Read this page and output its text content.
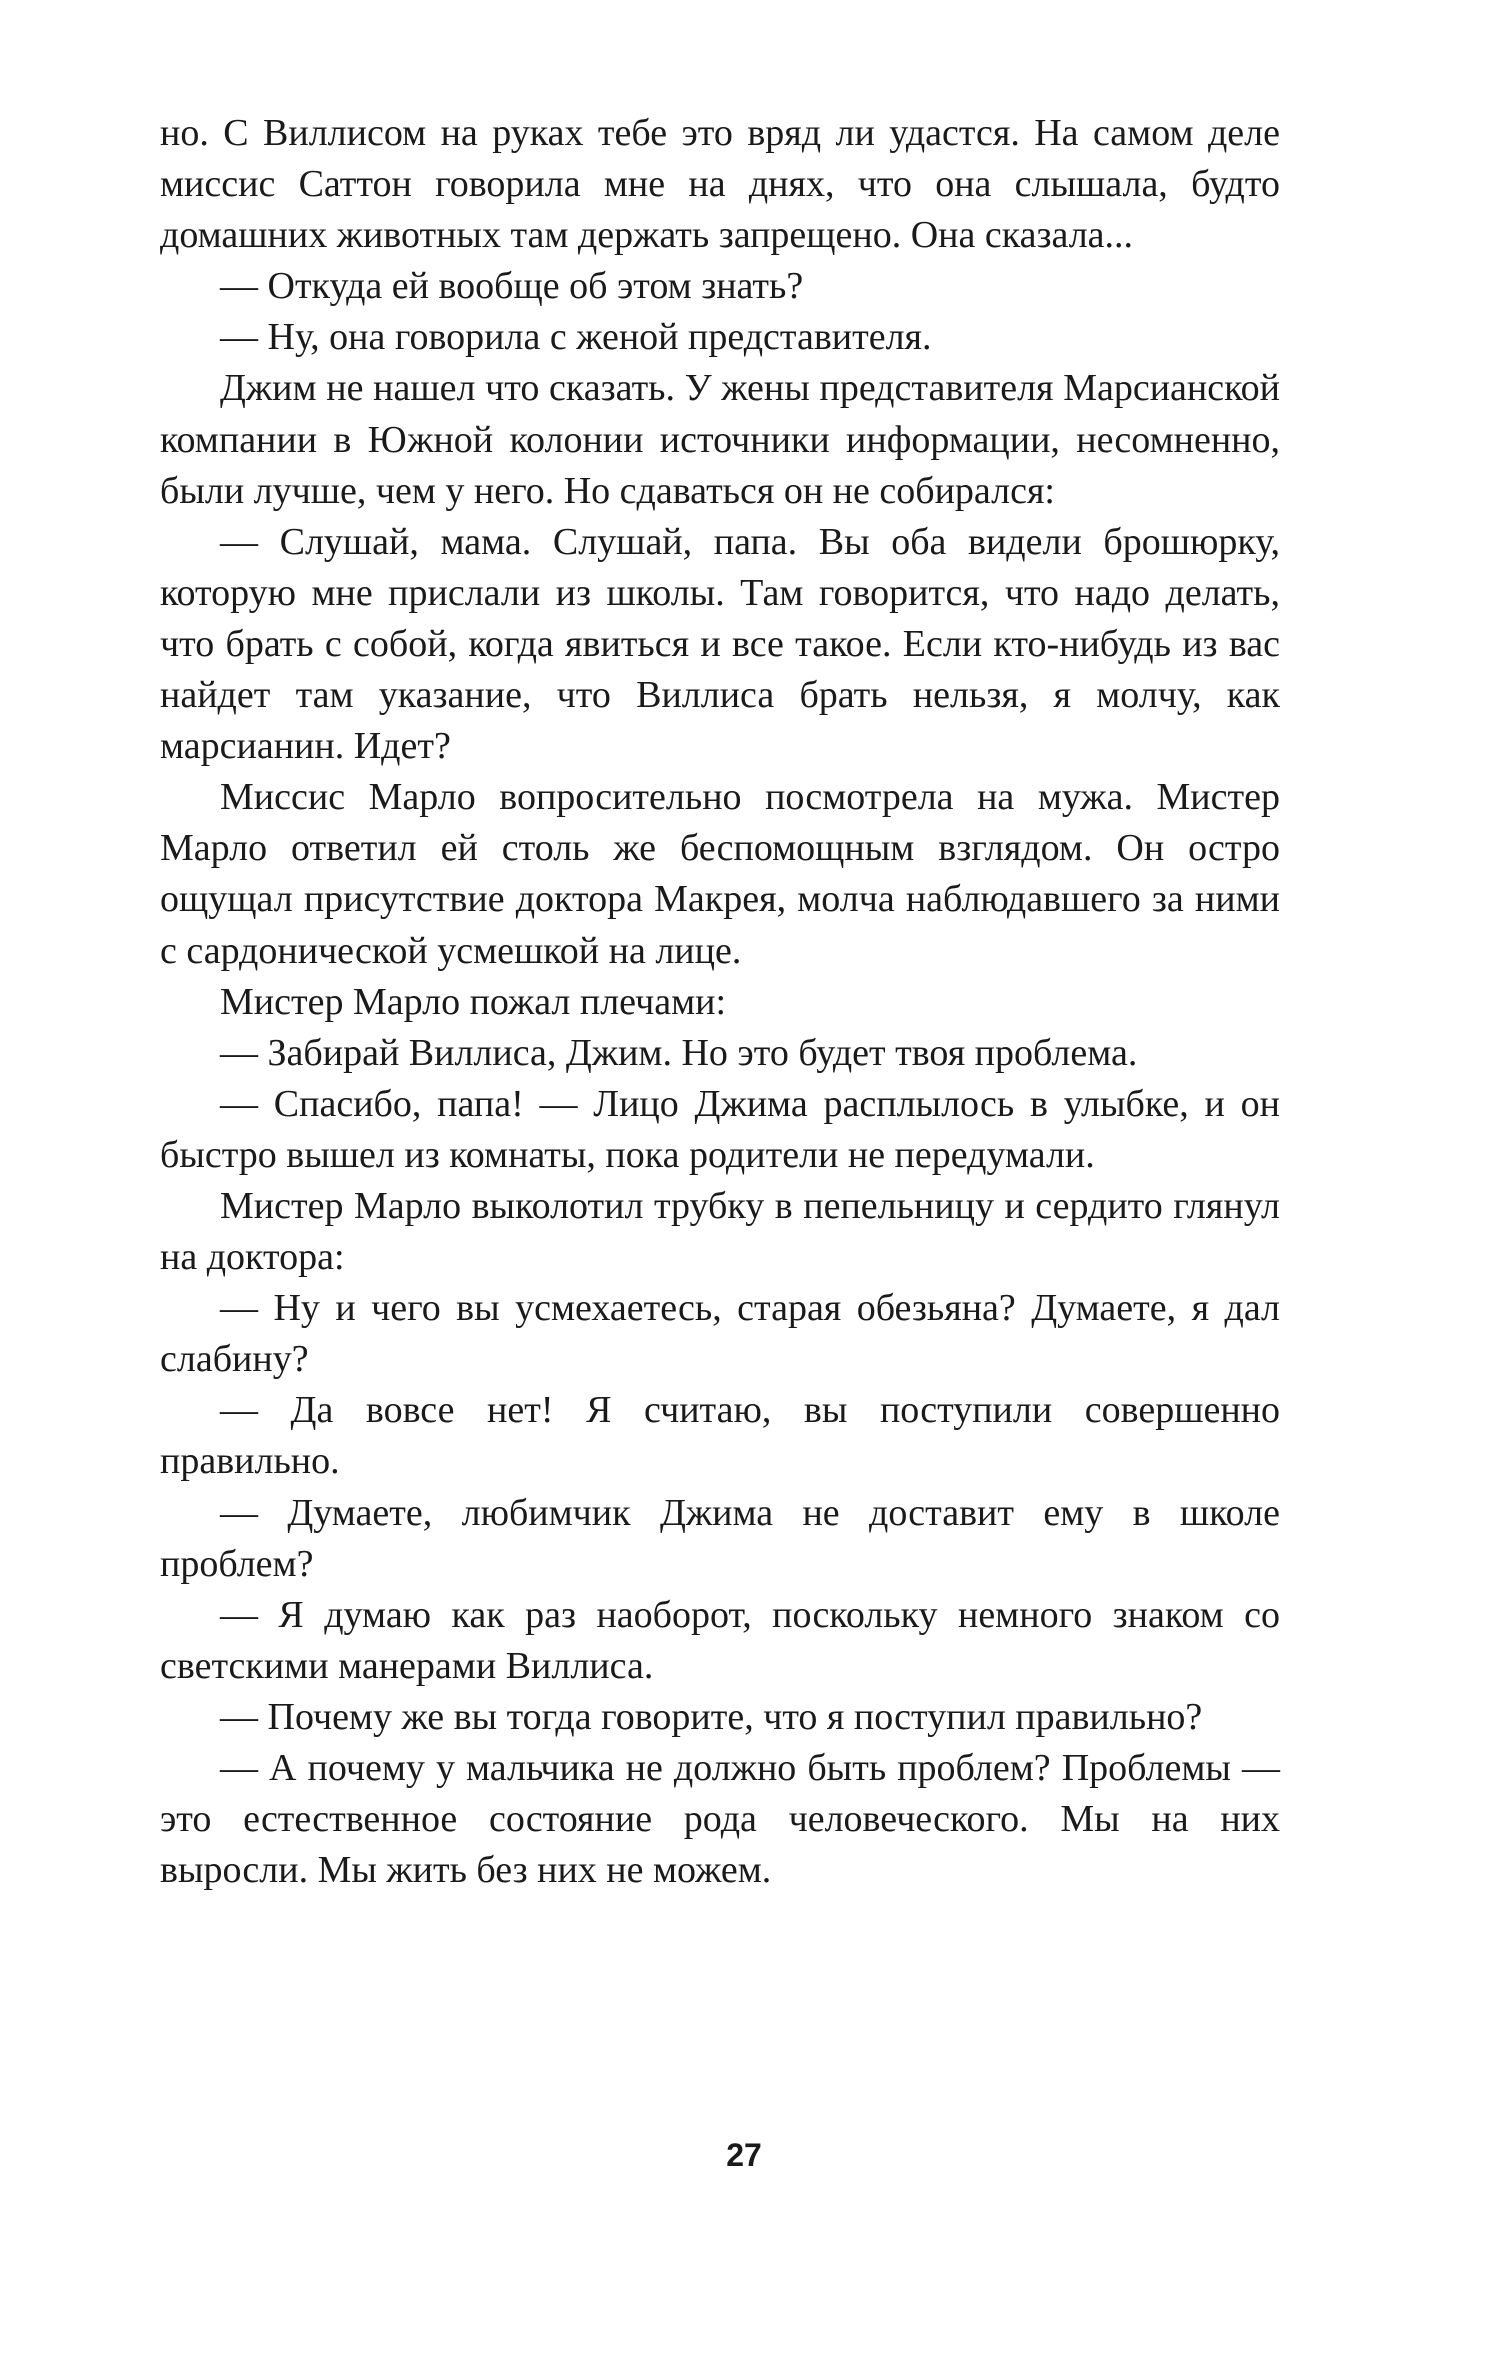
но. С Виллисом на руках тебе это вряд ли удастся. На самом деле миссис Саттон говорила мне на днях, что она слышала, будто домашних животных там держать запрещено. Она сказала...

— Откуда ей вообще об этом знать?

— Ну, она говорила с женой представителя.

Джим не нашел что сказать. У жены представителя Марсианской компании в Южной колонии источники информации, несомненно, были лучше, чем у него. Но сдаваться он не собирался:

— Слушай, мама. Слушай, папа. Вы оба видели брошюрку, которую мне прислали из школы. Там говорится, что надо делать, что брать с собой, когда явиться и все такое. Если кто-нибудь из вас найдет там указание, что Виллиса брать нельзя, я молчу, как марсианин. Идет?

Миссис Марло вопросительно посмотрела на мужа. Мистер Марло ответил ей столь же беспомощным взглядом. Он остро ощущал присутствие доктора Макрея, молча наблюдавшего за ними с сардонической усмешкой на лице.

Мистер Марло пожал плечами:

— Забирай Виллиса, Джим. Но это будет твоя проблема.

— Спасибо, папа! — Лицо Джима расплылось в улыбке, и он быстро вышел из комнаты, пока родители не передумали.

Мистер Марло выколотил трубку в пепельницу и сердито глянул на доктора:

— Ну и чего вы усмехаетесь, старая обезьяна? Думаете, я дал слабину?

— Да вовсе нет! Я считаю, вы поступили совершенно правильно.

— Думаете, любимчик Джима не доставит ему в школе проблем?

— Я думаю как раз наоборот, поскольку немного знаком со светскими манерами Виллиса.

— Почему же вы тогда говорите, что я поступил правильно?

— А почему у мальчика не должно быть проблем? Проблемы — это естественное состояние рода человеческого. Мы на них выросли. Мы жить без них не можем.

27
